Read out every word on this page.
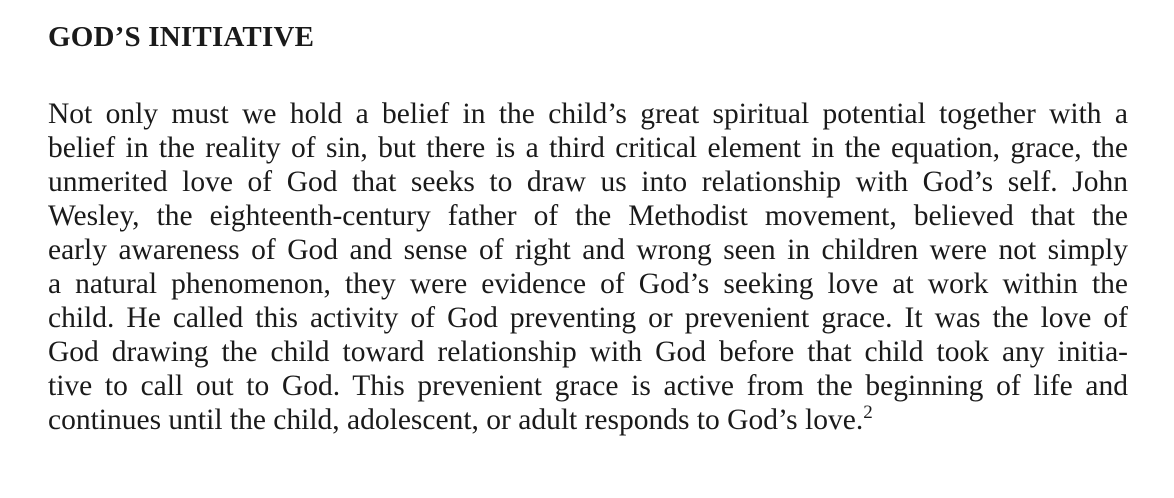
GOD’S INITIATIVE
Not only must we hold a belief in the child’s great spiritual potential together with a
belief in the reality of sin, but there is a third critical element in the equation, grace, the
unmerited love of God that seeks to draw us into relationship with God’s self. John
Wesley, the eighteenth-century father of the Methodist movement, believed that the
early awareness of God and sense of right and wrong seen in children were not simply
a natural phenomenon, they were evidence of God’s seeking love at work within the
child. He called this activity of God preventing or prevenient grace. It was the love of
God drawing the child toward relationship with God before that child took any initia-
tive to call out to God. This prevenient grace is active from the beginning of life and
continues until the child, adolescent, or adult responds to God’s love.$^2$
